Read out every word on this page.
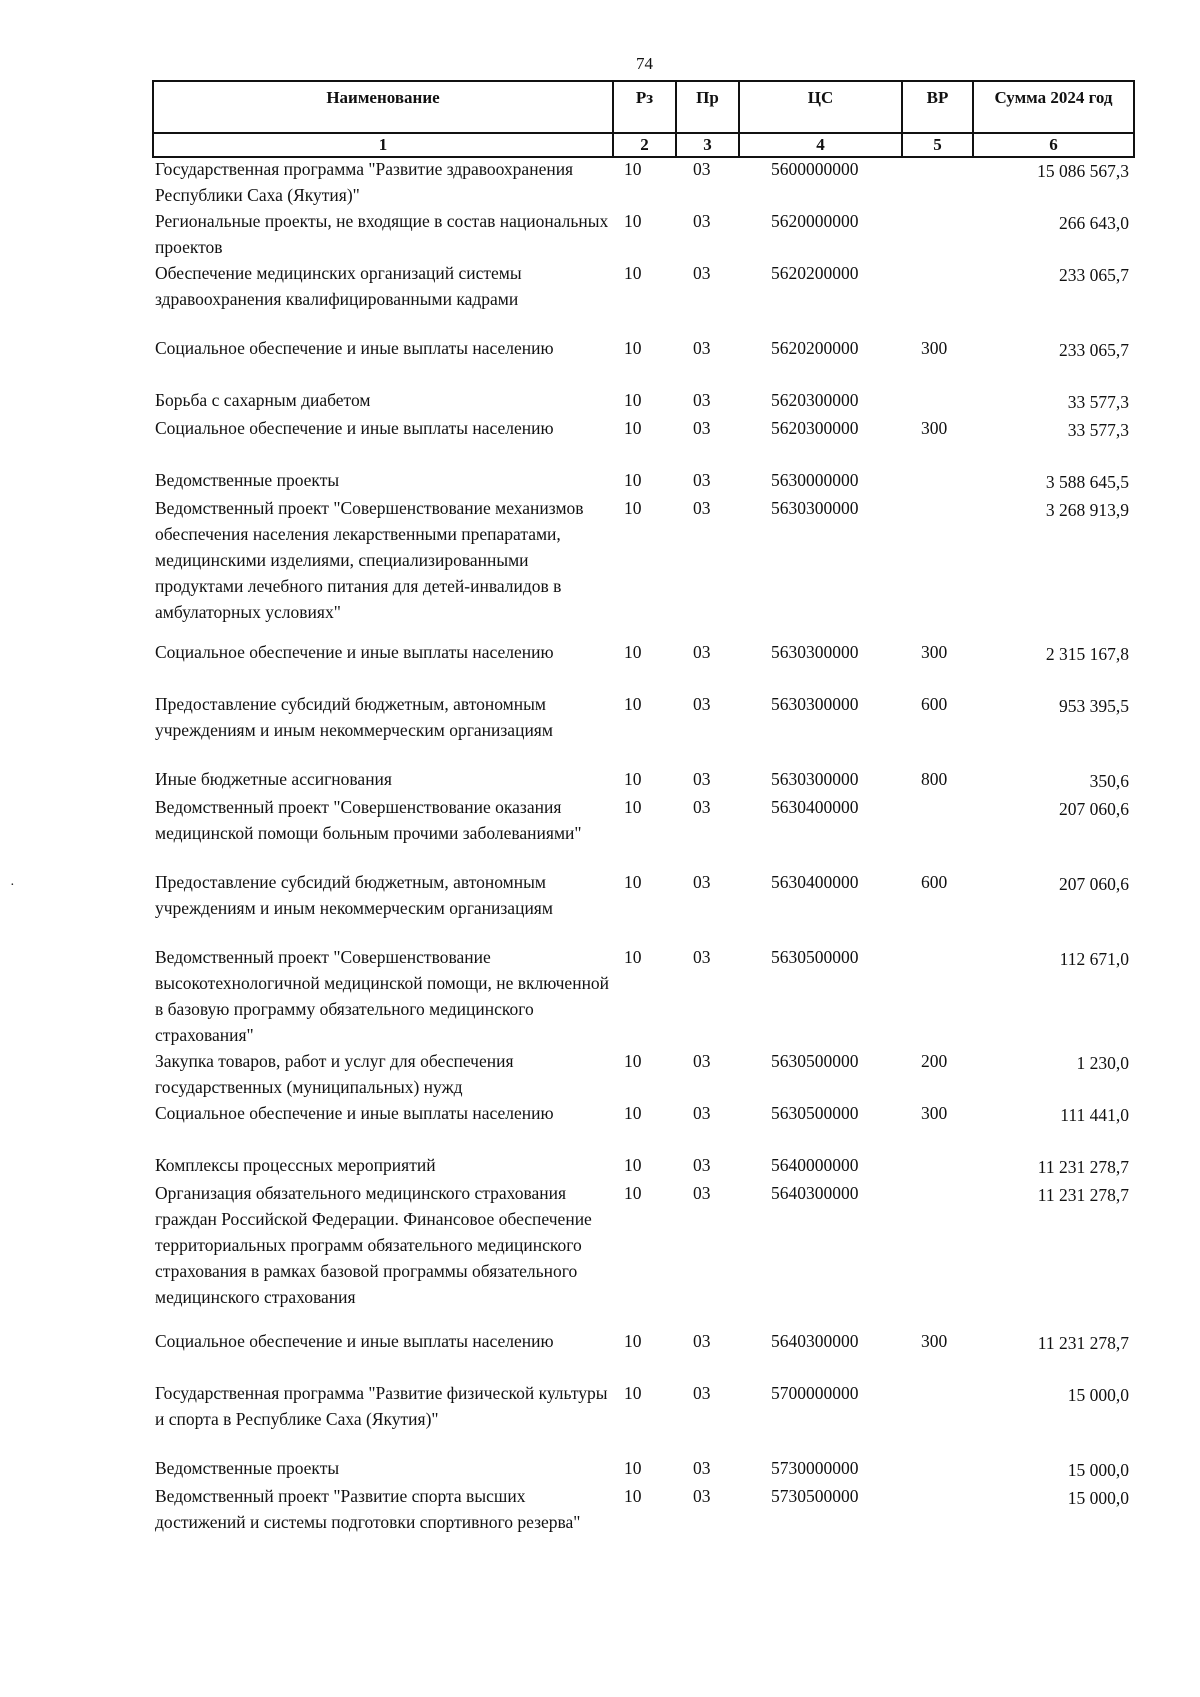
74
Наименование	Рз	Пр	ЦС	ВР	Сумма 2024 год
1	2	3	4	5	6
Государственная программа "Развитие здравоохранения Республики Саха (Якутия)"	10	03	5600000000		15 086 567,3
Региональные проекты, не входящие в состав национальных проектов	10	03	5620000000		266 643,0
Обеспечение медицинских организаций системы здравоохранения квалифицированными кадрами	10	03	5620200000		233 065,7
Социальное обеспечение и иные выплаты населению	10	03	5620200000	300	233 065,7
Борьба с сахарным диабетом	10	03	5620300000		33 577,3
Социальное обеспечение и иные выплаты населению	10	03	5620300000	300	33 577,3
Ведомственные проекты	10	03	5630000000		3 588 645,5
Ведомственный проект "Совершенствование механизмов обеспечения населения лекарственными препаратами, медицинскими изделиями, специализированными продуктами лечебного питания для детей-инвалидов в амбулаторных условиях"	10	03	5630300000		3 268 913,9
Социальное обеспечение и иные выплаты населению	10	03	5630300000	300	2 315 167,8
Предоставление субсидий бюджетным, автономным учреждениям и иным некоммерческим организациям	10	03	5630300000	600	953 395,5
Иные бюджетные ассигнования	10	03	5630300000	800	350,6
Ведомственный проект "Совершенствование оказания медицинской помощи больным прочими заболеваниями"	10	03	5630400000		207 060,6
Предоставление субсидий бюджетным, автономным учреждениям и иным некоммерческим организациям	10	03	5630400000	600	207 060,6
Ведомственный проект "Совершенствование высокотехнологичной медицинской помощи, не включенной в базовую программу обязательного медицинского страхования"	10	03	5630500000		112 671,0
Закупка товаров, работ и услуг для обеспечения государственных (муниципальных) нужд	10	03	5630500000	200	1 230,0
Социальное обеспечение и иные выплаты населению	10	03	5630500000	300	111 441,0
Комплексы процессных мероприятий	10	03	5640000000		11 231 278,7
Организация обязательного медицинского страхования граждан Российской Федерации. Финансовое обеспечение территориальных программ обязательного медицинского страхования в рамках базовой программы обязательного медицинского страхования	10	03	5640300000		11 231 278,7
Социальное обеспечение и иные выплаты населению	10	03	5640300000	300	11 231 278,7
Государственная программа "Развитие физической культуры и спорта в Республике Саха (Якутия)"	10	03	5700000000		15 000,0
Ведомственные проекты	10	03	5730000000		15 000,0
Ведомственный проект "Развитие спорта высших достижений и системы подготовки спортивного резерва"	10	03	5730500000		15 000,0
·
